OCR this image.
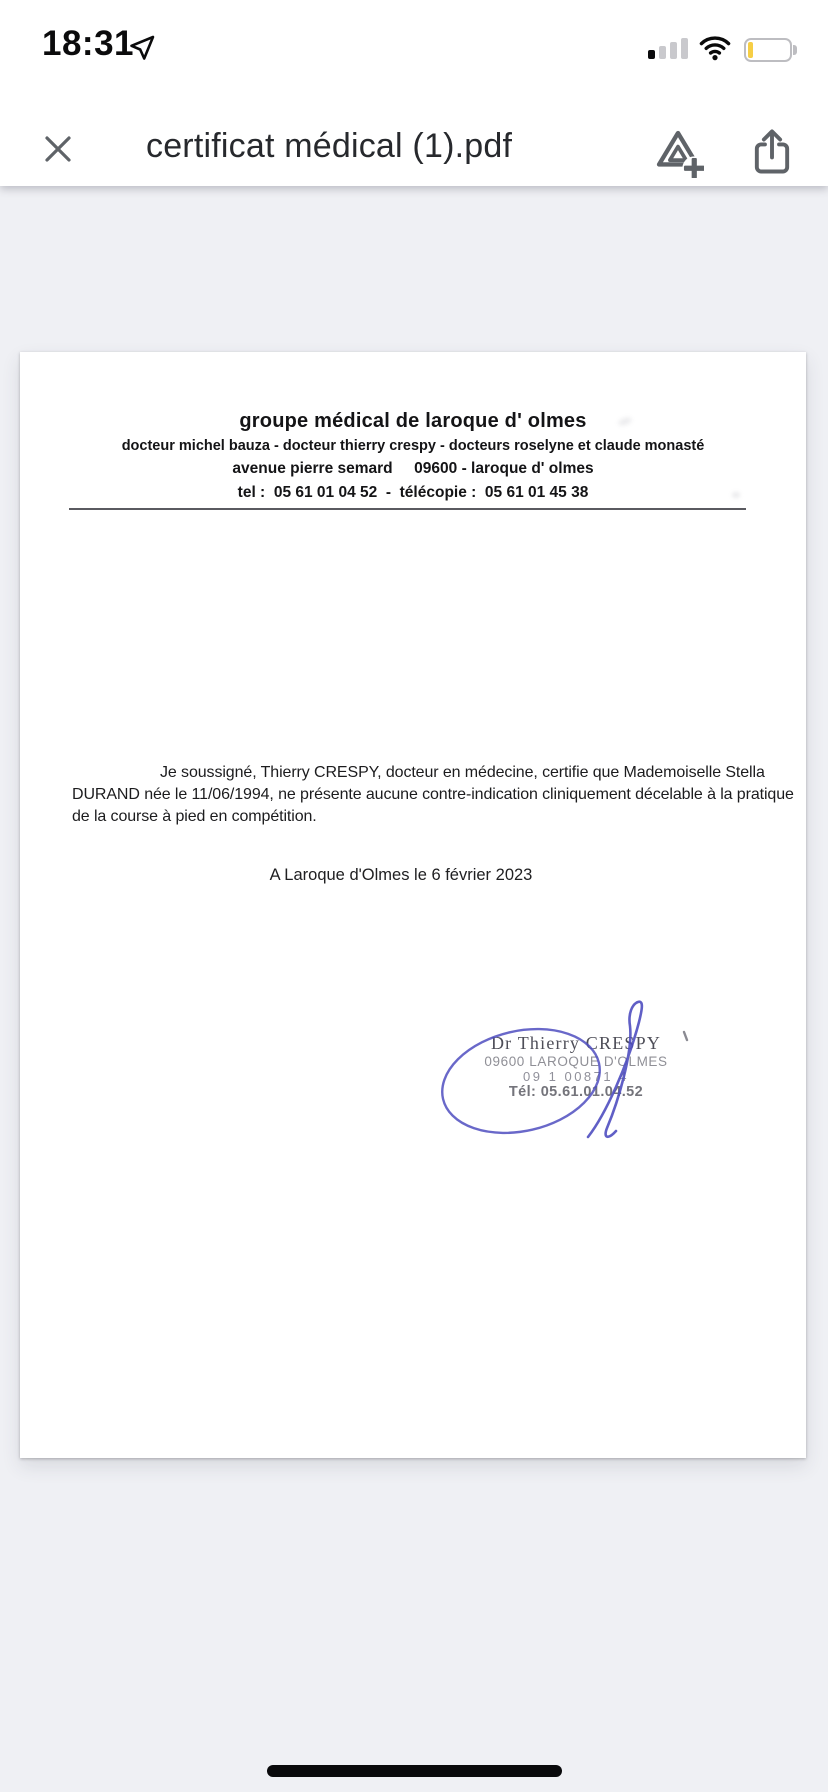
18:31
certificat médical (1).pdf
groupe médical de laroque d' olmes
docteur michel bauza - docteur thierry crespy - docteurs roselyne et claude monasté
avenue pierre semard     09600 - laroque d' olmes
tel :  05 61 01 04 52  -  télécopie :  05 61 01 45 38
Je soussigné, Thierry CRESPY, docteur en médecine, certifie que Mademoiselle Stella
DURAND née le 11/06/1994, ne présente aucune contre-indication cliniquement décelable à la pratique
de la course à pied en compétition.
A Laroque d'Olmes le 6 février 2023
Dr Thierry CRESPY
09600 LAROQUE D'OLMES
09 1 00871 4
Tél: 05.61.01.04.52
